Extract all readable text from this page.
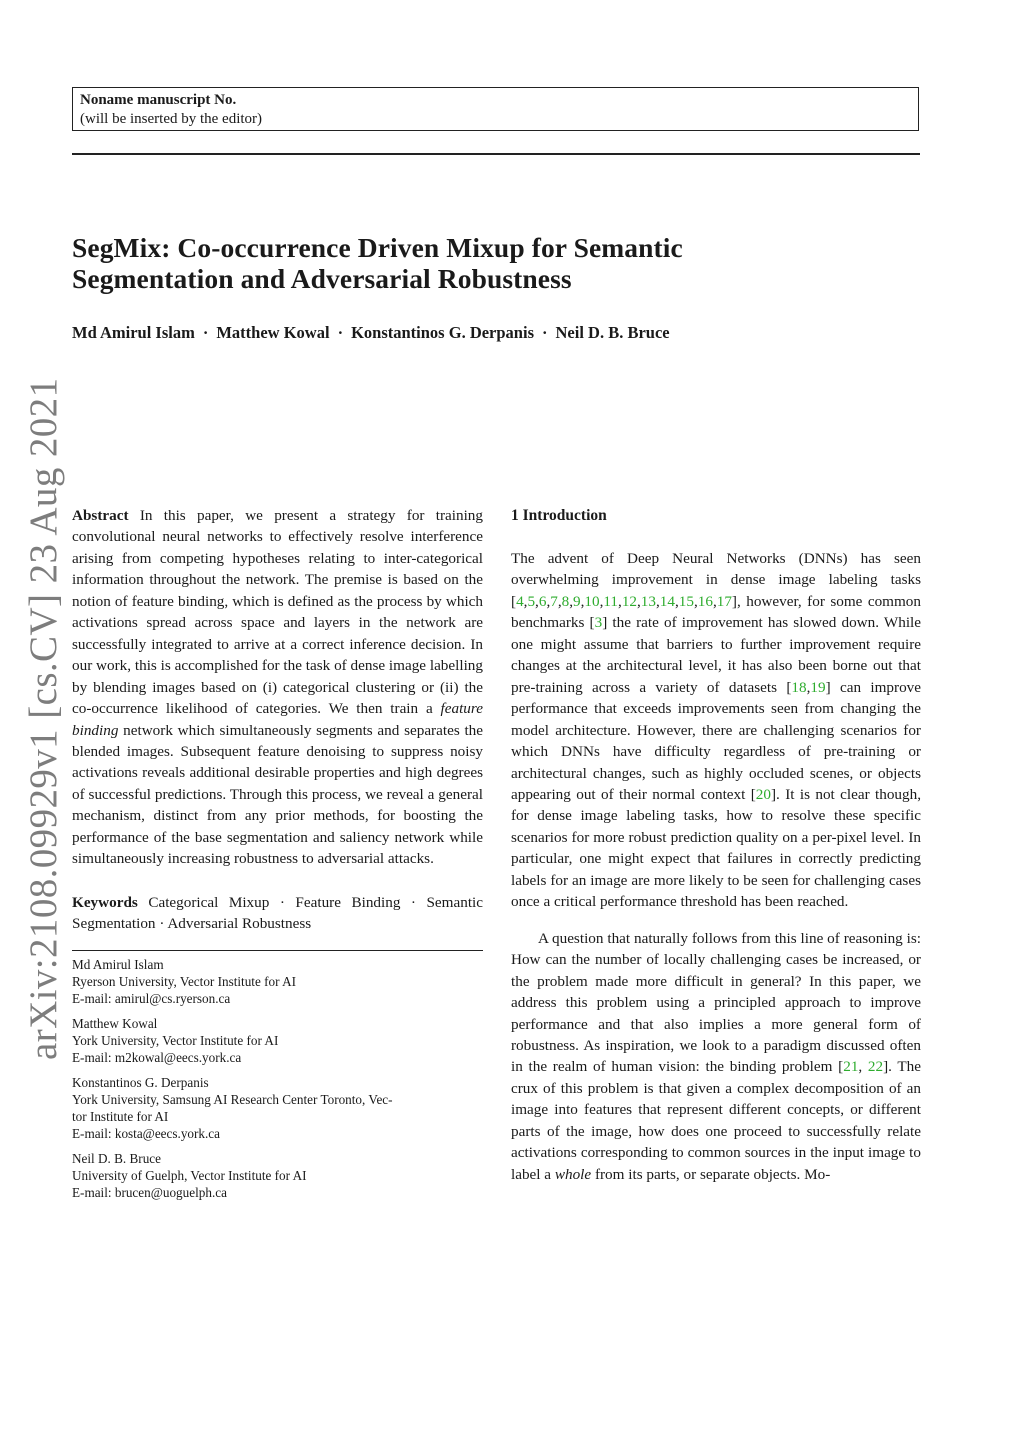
Noname manuscript No.
(will be inserted by the editor)
arXiv:2108.09929v1 [cs.CV] 23 Aug 2021
SegMix: Co-occurrence Driven Mixup for Semantic
Segmentation and Adversarial Robustness
Md Amirul Islam · Matthew Kowal · Konstantinos G. Derpanis · Neil D. B. Bruce

Abstract In this paper, we present a strategy for training convolutional neural networks to effectively resolve interference arising from competing hypotheses relating to inter-categorical information throughout the network. The premise is based on the notion of feature binding, which is defined as the process by which activations spread across space and layers in the network are successfully integrated to arrive at a correct inference decision. In our work, this is accomplished for the task of dense image labelling by blending images based on (i) categorical clustering or (ii) the co-occurrence likelihood of categories. We then train a feature binding network which simultaneously segments and separates the blended images. Subsequent feature denoising to suppress noisy activations reveals additional desirable properties and high degrees of successful predictions. Through this process, we reveal a general mechanism, distinct from any prior methods, for boosting the performance of the base segmentation and saliency network while simultaneously increasing robustness to adversarial attacks.

Keywords Categorical Mixup · Feature Binding · Semantic Segmentation · Adversarial Robustness

Md Amirul Islam
Ryerson University, Vector Institute for AI
E-mail: amirul@cs.ryerson.ca
Matthew Kowal
York University, Vector Institute for AI
E-mail: m2kowal@eecs.york.ca
Konstantinos G. Derpanis
York University, Samsung AI Research Center Toronto, Vec-
tor Institute for AI
E-mail: kosta@eecs.york.ca
Neil D. B. Bruce
University of Guelph, Vector Institute for AI
E-mail: brucen@uoguelph.ca
1 Introduction

The advent of Deep Neural Networks (DNNs) has seen overwhelming improvement in dense image labeling tasks [4,5,6,7,8,9,10,11,12,13,14,15,16,17], however, for some common benchmarks [3] the rate of improvement has slowed down. While one might assume that barriers to further improvement require changes at the architectural level, it has also been borne out that pre-training across a variety of datasets [18,19] can improve performance that exceeds improvements seen from changing the model architecture. However, there are challenging scenarios for which DNNs have difficulty regardless of pre-training or architectural changes, such as highly occluded scenes, or objects appearing out of their normal context [20]. It is not clear though, for dense image labeling tasks, how to resolve these specific scenarios for more robust prediction quality on a per-pixel level. In particular, one might expect that failures in correctly predicting labels for an image are more likely to be seen for challenging cases once a critical performance threshold has been reached.

A question that naturally follows from this line of reasoning is: How can the number of locally challenging cases be increased, or the problem made more difficult in general? In this paper, we address this problem using a principled approach to improve performance and that also implies a more general form of robustness. As inspiration, we look to a paradigm discussed often in the realm of human vision: the binding problem [21, 22]. The crux of this problem is that given a complex decomposition of an image into features that represent different concepts, or different parts of the image, how does one proceed to successfully relate activations corresponding to common sources in the input image to label a whole from its parts, or separate objects. Mo-
